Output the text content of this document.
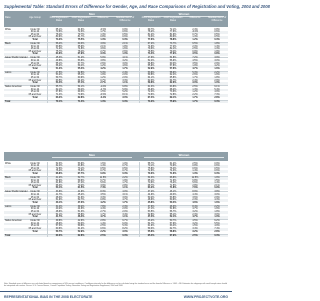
Supplemental Table: Standard Errors of Difference for Gender, Age, and Race Comparisons of Registration and Voting, 2004 and 2008
Race	Age Group
Men	Women
2004 Registration Rates
2008 Registration Rates
Difference	Standard Error of Difference
2004 Registration Rates
2008 Registration Rates
Difference	Standard Error of Difference
White	Under 30	65.1%	64.6%	-0.5%	0.9%	69.7%	72.1%	2.4%	0.8%
30 to 44	70.6%	72.3%	1.7%	0.6%	78.2%	77.6%	-0.6%	0.6%
45 to 64	78.4%	79.7%	1.3%	0.5%	81.2%	81.9%	0.7%	0.5%
65 and Over	80.9%	81.7%	0.8%	0.6%	79.3%	80.6%	1.3%	0.5%
Total	74.2%	75.5%	1.3%	0.3%	77.6%	78.8%	1.2%	0.3%
Black	Under 30	56.4%	60.3%	3.9%	2.1%	67.2%	73.7%	6.5%	1.8%
30 to 44	63.8%	65.9%	2.1%	1.8%	74.9%	77.2%	2.3%	1.4%
45 to 64	71.2%	74.8%	3.6%	1.6%	79.6%	82.1%	2.5%	1.3%
65 and Over	75.7%	78.4%	2.7%	2.6%	78.5%	79.4%	0.9%	1.9%
Total	64.6%	67.9%	3.3%	1.0%	74.4%	77.9%	3.5%	0.8%
Asian/ Pacific Islander	Under 30	45.3%	51.2%	5.9%	4.1%	47.6%	54.8%	7.2%	3.9%
30 to 44	49.8%	53.6%	3.8%	3.2%	52.4%	56.9%	4.5%	3.0%
45 to 64	55.1%	57.7%	2.6%	3.0%	56.8%	60.3%	3.5%	2.9%
65 and Over	58.2%	59.4%	1.2%	4.6%	55.9%	57.8%	1.9%	4.2%
Total	51.2%	55.4%	4.2%	1.7%	52.9%	57.6%	4.7%	1.6%
Latino	Under 30	47.5%	52.8%	5.3%	2.4%	53.6%	58.9%	5.3%	2.2%
30 to 44	53.2%	55.1%	1.9%	2.0%	59.8%	62.4%	2.6%	1.9%
45 to 64	59.7%	60.9%	1.2%	2.0%	64.1%	65.8%	1.7%	1.8%
65 and Over	63.5%	64.2%	0.7%	3.3%	62.3%	64.7%	2.4%	2.9%
Total	54.4%	57.1%	2.7%	1.1%	59.6%	62.6%	3.0%	1.0%
Native American	Under 30	55.7%	54.1%	-1.6%	6.8%	61.3%	63.8%	2.5%	6.1%
30 to 44	62.1%	59.4%	-2.7%	5.9%	66.9%	68.2%	1.3%	5.4%
45 to 64	67.8%	69.3%	1.5%	5.2%	72.4%	73.6%	1.2%	4.9%
65 and Over	71.4%	70.9%	-0.5%	8.1%	70.6%	72.8%	2.2%	7.3%
Total	63.2%	62.8%	-0.4%	3.0%	67.4%	69.1%	1.7%	2.8%
Total	70.1%	71.4%	1.3%	0.3%	74.2%	75.9%	1.7%	0.3%
Men	Women
White	Under 30	52.3%	53.9%	1.6%	1.0%	58.7%	61.2%	2.5%	0.9%
30 to 44	62.4%	63.8%	1.4%	0.7%	70.1%	70.9%	0.8%	0.6%
45 to 64	72.6%	73.1%	0.5%	0.5%	75.8%	76.4%	0.6%	0.5%
65 and Over	76.2%	76.9%	0.7%	0.7%	72.9%	74.3%	1.4%	0.6%
Total	66.8%	67.7%	0.9%	0.3%	70.3%	71.6%	1.3%	0.3%
Black	Under 30	41.2%	52.7%	11.5%	2.2%	54.3%	66.8%	12.5%	1.9%
30 to 44	52.9%	59.6%	6.7%	1.9%	65.1%	71.9%	6.8%	1.5%
45 to 64	61.8%	67.4%	5.6%	1.7%	70.6%	76.2%	5.6%	1.4%
65 and Over	66.3%	70.2%	3.9%	2.8%	68.7%	71.5%	2.8%	2.1%
Total	54.1%	61.5%	7.4%	1.1%	64.2%	71.8%	7.6%	0.9%
Asian/ Pacific Islander	Under 30	33.6%	41.9%	8.3%	4.0%	37.2%	46.1%	8.9%	3.8%
30 to 44	41.7%	45.2%	3.5%	3.1%	44.9%	49.3%	4.4%	3.0%
45 to 64	48.3%	51.6%	3.3%	3.0%	50.2%	53.8%	3.6%	2.9%
65 and Over	51.9%	52.7%	0.8%	4.7%	48.6%	50.9%	2.3%	4.3%
Total	43.1%	47.3%	4.2%	1.7%	45.8%	50.4%	4.6%	1.6%
Latino	Under 30	31.4%	39.2%	7.8%	2.3%	37.9%	46.3%	8.4%	2.2%
30 to 44	40.2%	44.6%	4.4%	2.0%	47.1%	51.8%	4.7%	1.9%
45 to 64	48.6%	51.3%	2.7%	2.0%	53.5%	56.7%	3.2%	1.8%
65 and Over	54.1%	55.8%	1.7%	3.4%	52.8%	55.1%	2.3%	3.0%
Total	41.7%	46.4%	4.7%	1.1%	47.4%	52.1%	4.7%	1.0%
Native American	Under 30	39.8%	42.6%	2.8%	6.7%	46.2%	50.7%	4.5%	6.2%
30 to 44	48.9%	50.3%	1.4%	6.0%	54.7%	57.9%	3.2%	5.5%
45 to 64	57.3%	59.8%	2.5%	5.3%	61.9%	63.4%	1.5%	4.9%
65 and Over	60.6%	61.2%	0.6%	8.2%	59.3%	62.7%	3.4%	7.4%
Total	50.7%	52.9%	2.2%	3.0%	55.6%	58.8%	3.2%	2.8%
Total	60.3%	62.8%	2.5%	0.3%	65.4%	67.9%	2.5%	0.3%
Note: Standard errors of difference are calculated based on comparisons at 90% percent confidence. Confidence intervals for the difference can be calculated using the standard error and the formula Difference ± 1.645 × SE. Estimates for subgroups with small sample sizes should be interpreted with caution. Source: U.S. Census Bureau, Current Population Survey, November Voting and Registration Supplement, 2004 and 2008.
REPRESENTATIONAL BIAS IN THE 2008 ELECTORATE	WWW.PROJECTVOTE.ORG
